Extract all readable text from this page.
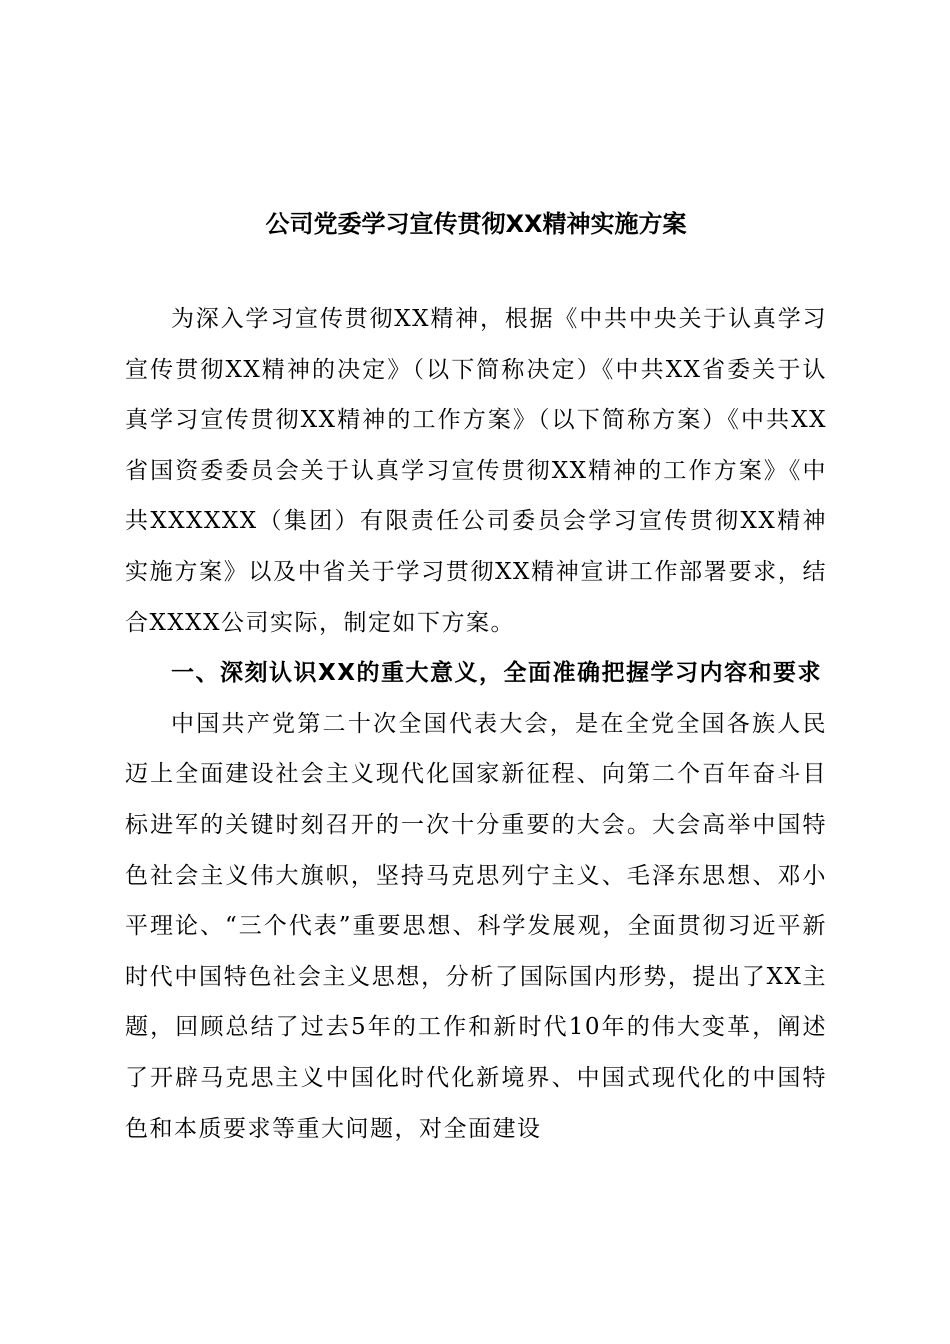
公司党委学习宣传贯彻XX精神实施方案

为深入学习宣传贯彻XX精神，根据《中共中央关于认真学习宣传贯彻XX精神的决定》（以下简称决定）《中共XX省委关于认真学习宣传贯彻XX精神的工作方案》（以下简称方案）《中共XX省国资委委员会关于认真学习宣传贯彻XX精神的工作方案》《中共XXXXXX（集团）有限责任公司委员会学习宣传贯彻XX精神实施方案》以及中省关于学习贯彻XX精神宣讲工作部署要求，结合XXXX公司实际，制定如下方案。

一、深刻认识XX的重大意义，全面准确把握学习内容和要求

中国共产党第二十次全国代表大会，是在全党全国各族人民迈上全面建设社会主义现代化国家新征程、向第二个百年奋斗目标进军的关键时刻召开的一次十分重要的大会。大会高举中国特色社会主义伟大旗帜，坚持马克思列宁主义、毛泽东思想、邓小平理论、“三个代表”重要思想、科学发展观，全面贯彻习近平新时代中国特色社会主义思想，分析了国际国内形势，提出了XX主题，回顾总结了过去5年的工作和新时代10年的伟大变革，阐述了开辟马克思主义中国化时代化新境界、中国式现代化的中国特色和本质要求等重大问题，对全面建设
